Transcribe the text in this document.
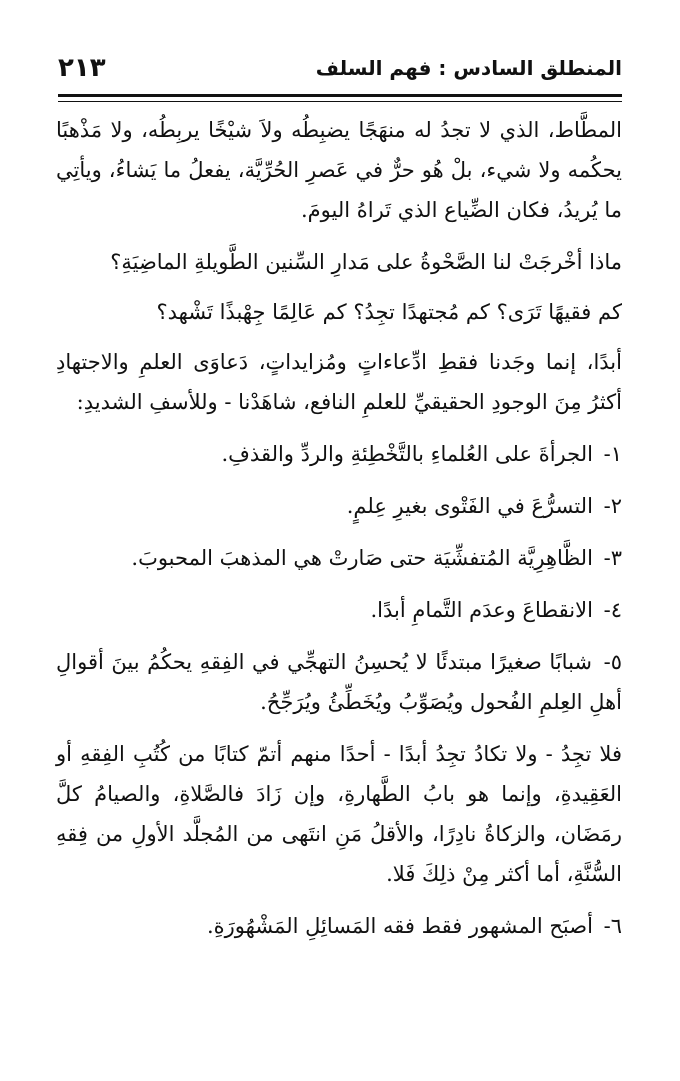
المنطلق السادس : فهم السلف
٢١٣

المطَّاط، الذي لا تجدُ له منهَجًا يضبِطُه ولاَ شيْخًا يربِطُه، ولا مَذْهبًا يحكُمه ولا شيء، بلْ هُو حرٌّ في عَصرِ الحُرِّيَّة، يفعلُ ما يَشاءُ، ويأتِي ما يُريدُ، فكان الضِّياع الذي تَراهُ اليومَ.

ماذا أخْرجَتْ لنا الصَّحْوةُ على مَدارِ السِّنين الطَّويلةِ الماضِيَةِ؟

كم فقيهًا تَرَى؟ كم مُجتهدًا تجِدُ؟ كم عَالِمًا جِهْبذًا تَشْهد؟

أبدًا، إنما وجَدنا فقطِ ادِّعاءاتٍ ومُزايداتٍ، دَعاوَى العلمِ والاجتهادِ أكثرُ مِنَ الوجودِ الحقيقيِّ للعلمِ النافع، شاهَدْنا - وللأسفِ الشديدِ:

١- الجرأةَ على العُلماءِ بالتَّخْطِئةِ والردِّ والقذفِ.
٢- التسرُّعَ في الفَتْوى بغيرِ عِلمٍ.
٣- الظَّاهِرِيَّة المُتفشِّيَة حتى صَارتْ هي المذهبَ المحبوبَ.
٤- الانقطاعَ وعدَم التَّمامِ أبدًا.
٥- شبابًا صغيرًا مبتدئًا لا يُحسِنُ التهجِّي في الفِقهِ يحكُمُ بينَ أقوالِ أهلِ العِلمِ الفُحول ويُصَوِّبُ ويُخَطِّئُ ويُرَجِّحُ.

فلا تجِدُ - ولا تكادُ تجِدُ أبدًا - أحدًا منهم أتمّ كتابًا من كُتُبِ الفِقهِ أو العَقِيدةِ، وإنما هو بابُ الطَّهارةِ، وإن زَادَ فالصَّلاةِ، والصيامُ كلَّ رمَضَان، والزكاةُ نادِرًا، والأقلُ مَنِ انتَهى من المُجلَّد الأولِ من فِقهِ السُّنَّةِ، أما أكثر مِنْ ذلِكَ فَلا.

٦- أصبَح المشهور فقط فقه المَسائِلِ المَشْهُورَةِ.
